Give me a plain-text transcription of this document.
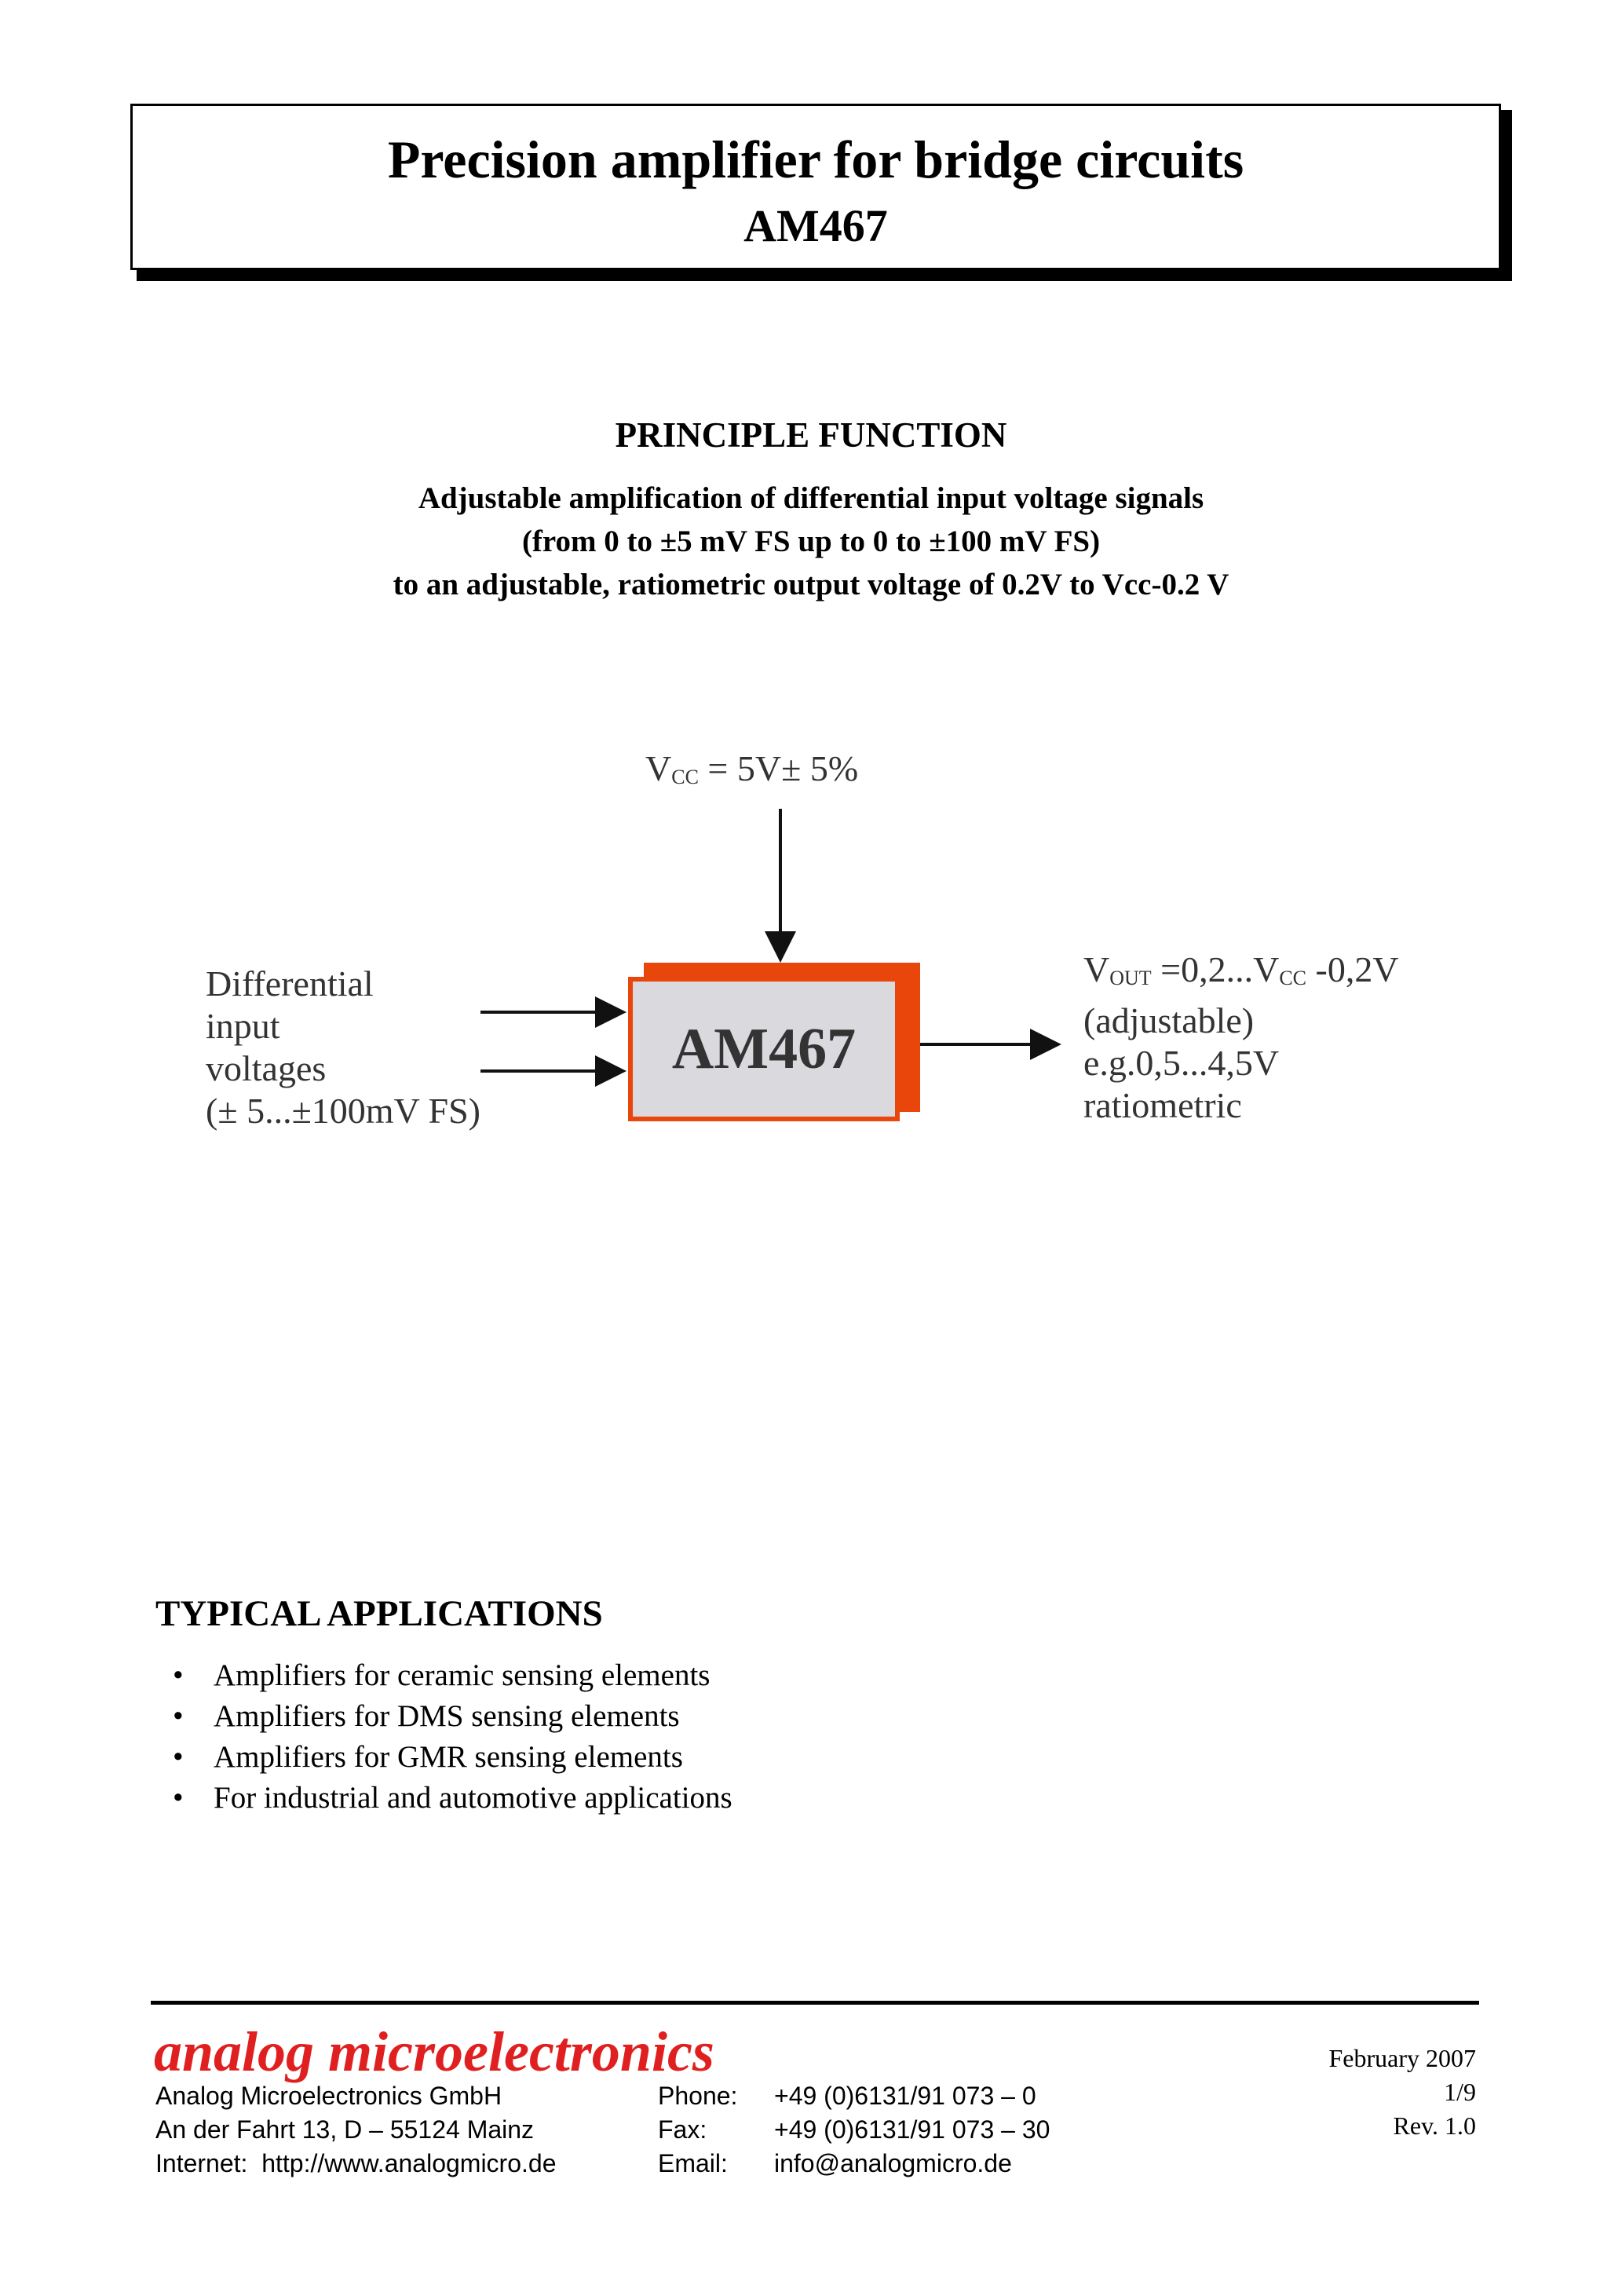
Precision amplifier for bridge circuits
AM467
PRINCIPLE FUNCTION
Adjustable amplification of differential input voltage signals
(from 0 to ±5 mV FS up to 0 to ±100 mV FS)
to an adjustable, ratiometric output voltage of 0.2V to Vcc-0.2 V
VCC = 5V± 5%
AM467
Differential
input
voltages
(± 5...±100mV FS)
VOUT =0,2...VCC -0,2V
(adjustable)
e.g.0,5...4,5V
ratiometric
TYPICAL APPLICATIONS
• Amplifiers for ceramic sensing elements
• Amplifiers for DMS sensing elements
• Amplifiers for GMR sensing elements
• For industrial and automotive applications
analog microelectronics
Analog Microelectronics GmbH
An der Fahrt 13, D – 55124 Mainz
Internet: http://www.analogmicro.de
Phone:
Fax:
Email:
+49 (0)6131/91 073 – 0
+49 (0)6131/91 073 – 30
info@analogmicro.de
February 2007
1/9
Rev. 1.0
